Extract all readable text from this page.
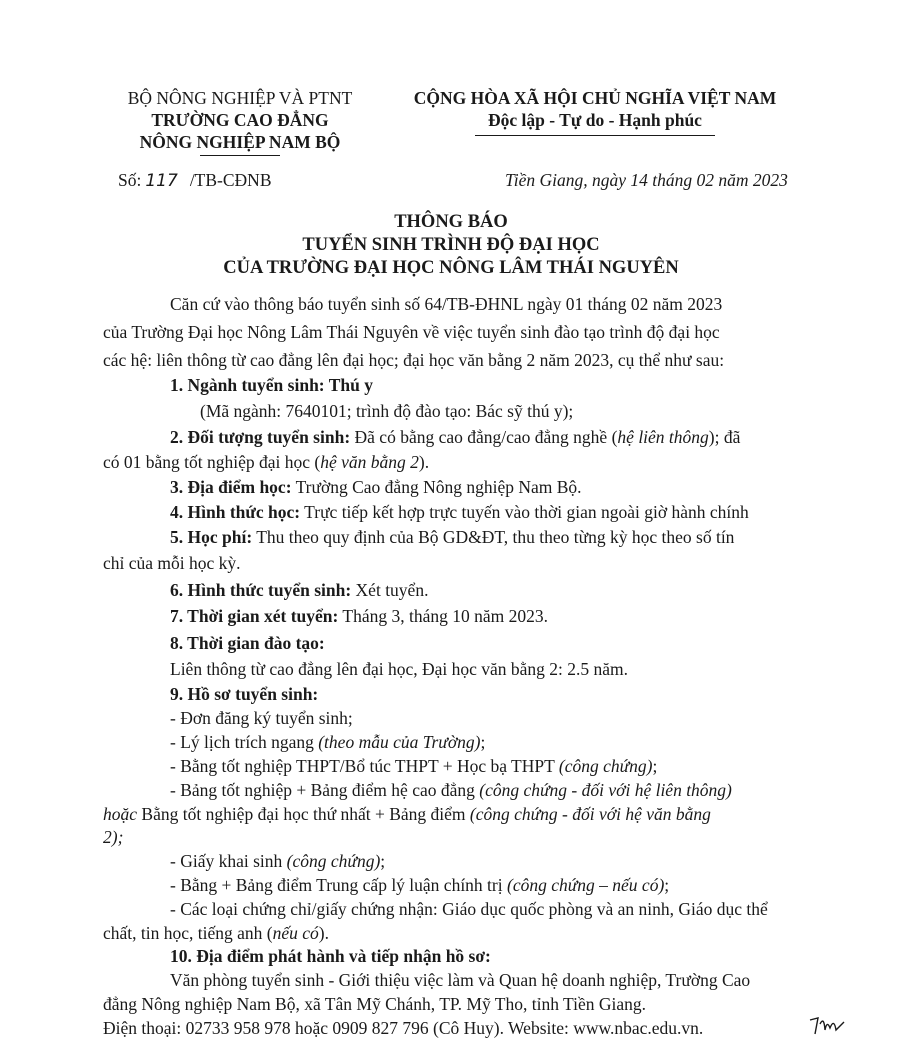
BỘ NÔNG NGHIỆP VÀ PTNT
TRƯỜNG CAO ĐẲNG
NÔNG NGHIỆP NAM BỘ
CỘNG HÒA XÃ HỘI CHỦ NGHĨA VIỆT NAM
Độc lập - Tự do - Hạnh phúc
Số: 117 /TB-CĐNB	Tiền Giang, ngày 14 tháng 02 năm 2023
THÔNG BÁO
TUYỂN SINH TRÌNH ĐỘ ĐẠI HỌC
CỦA TRƯỜNG ĐẠI HỌC NÔNG LÂM THÁI NGUYÊN
Căn cứ vào thông báo tuyển sinh số 64/TB-ĐHNL ngày 01 tháng 02 năm 2023
của Trường Đại học Nông Lâm Thái Nguyên về việc tuyển sinh đào tạo trình độ đại học
các hệ: liên thông từ cao đẳng lên đại học; đại học văn bằng 2 năm 2023, cụ thể như sau:
1. Ngành tuyển sinh: Thú y
(Mã ngành: 7640101; trình độ đào tạo: Bác sỹ thú y);
2. Đối tượng tuyển sinh: Đã có bằng cao đẳng/cao đẳng nghề (hệ liên thông); đã
có 01 bằng tốt nghiệp đại học (hệ văn bằng 2).
3. Địa điểm học: Trường Cao đẳng Nông nghiệp Nam Bộ.
4. Hình thức học: Trực tiếp kết hợp trực tuyến vào thời gian ngoài giờ hành chính
5. Học phí: Thu theo quy định của Bộ GD&ĐT, thu theo từng kỳ học theo số tín
chỉ của mỗi học kỳ.
6. Hình thức tuyển sinh: Xét tuyển.
7. Thời gian xét tuyển: Tháng 3, tháng 10 năm 2023.
8. Thời gian đào tạo:
Liên thông từ cao đẳng lên đại học, Đại học văn bằng 2: 2.5 năm.
9. Hồ sơ tuyển sinh:
- Đơn đăng ký tuyển sinh;
- Lý lịch trích ngang (theo mẫu của Trường);
- Bằng tốt nghiệp THPT/Bổ túc THPT + Học bạ THPT (công chứng);
- Bảng tốt nghiệp + Bảng điểm hệ cao đẳng (công chứng - đối với hệ liên thông)
hoặc Bằng tốt nghiệp đại học thứ nhất + Bảng điểm (công chứng - đối với hệ văn bằng
2);
- Giấy khai sinh (công chứng);
- Bằng + Bảng điểm Trung cấp lý luận chính trị (công chứng – nếu có);
- Các loại chứng chỉ/giấy chứng nhận: Giáo dục quốc phòng và an ninh, Giáo dục thể
chất, tin học, tiếng anh (nếu có).
10. Địa điểm phát hành và tiếp nhận hồ sơ:
Văn phòng tuyển sinh - Giới thiệu việc làm và Quan hệ doanh nghiệp, Trường Cao
đẳng Nông nghiệp Nam Bộ, xã Tân Mỹ Chánh, TP. Mỹ Tho, tỉnh Tiền Giang.
Điện thoại: 02733 958 978 hoặc 0909 827 796 (Cô Huy). Website: www.nbac.edu.vn.
